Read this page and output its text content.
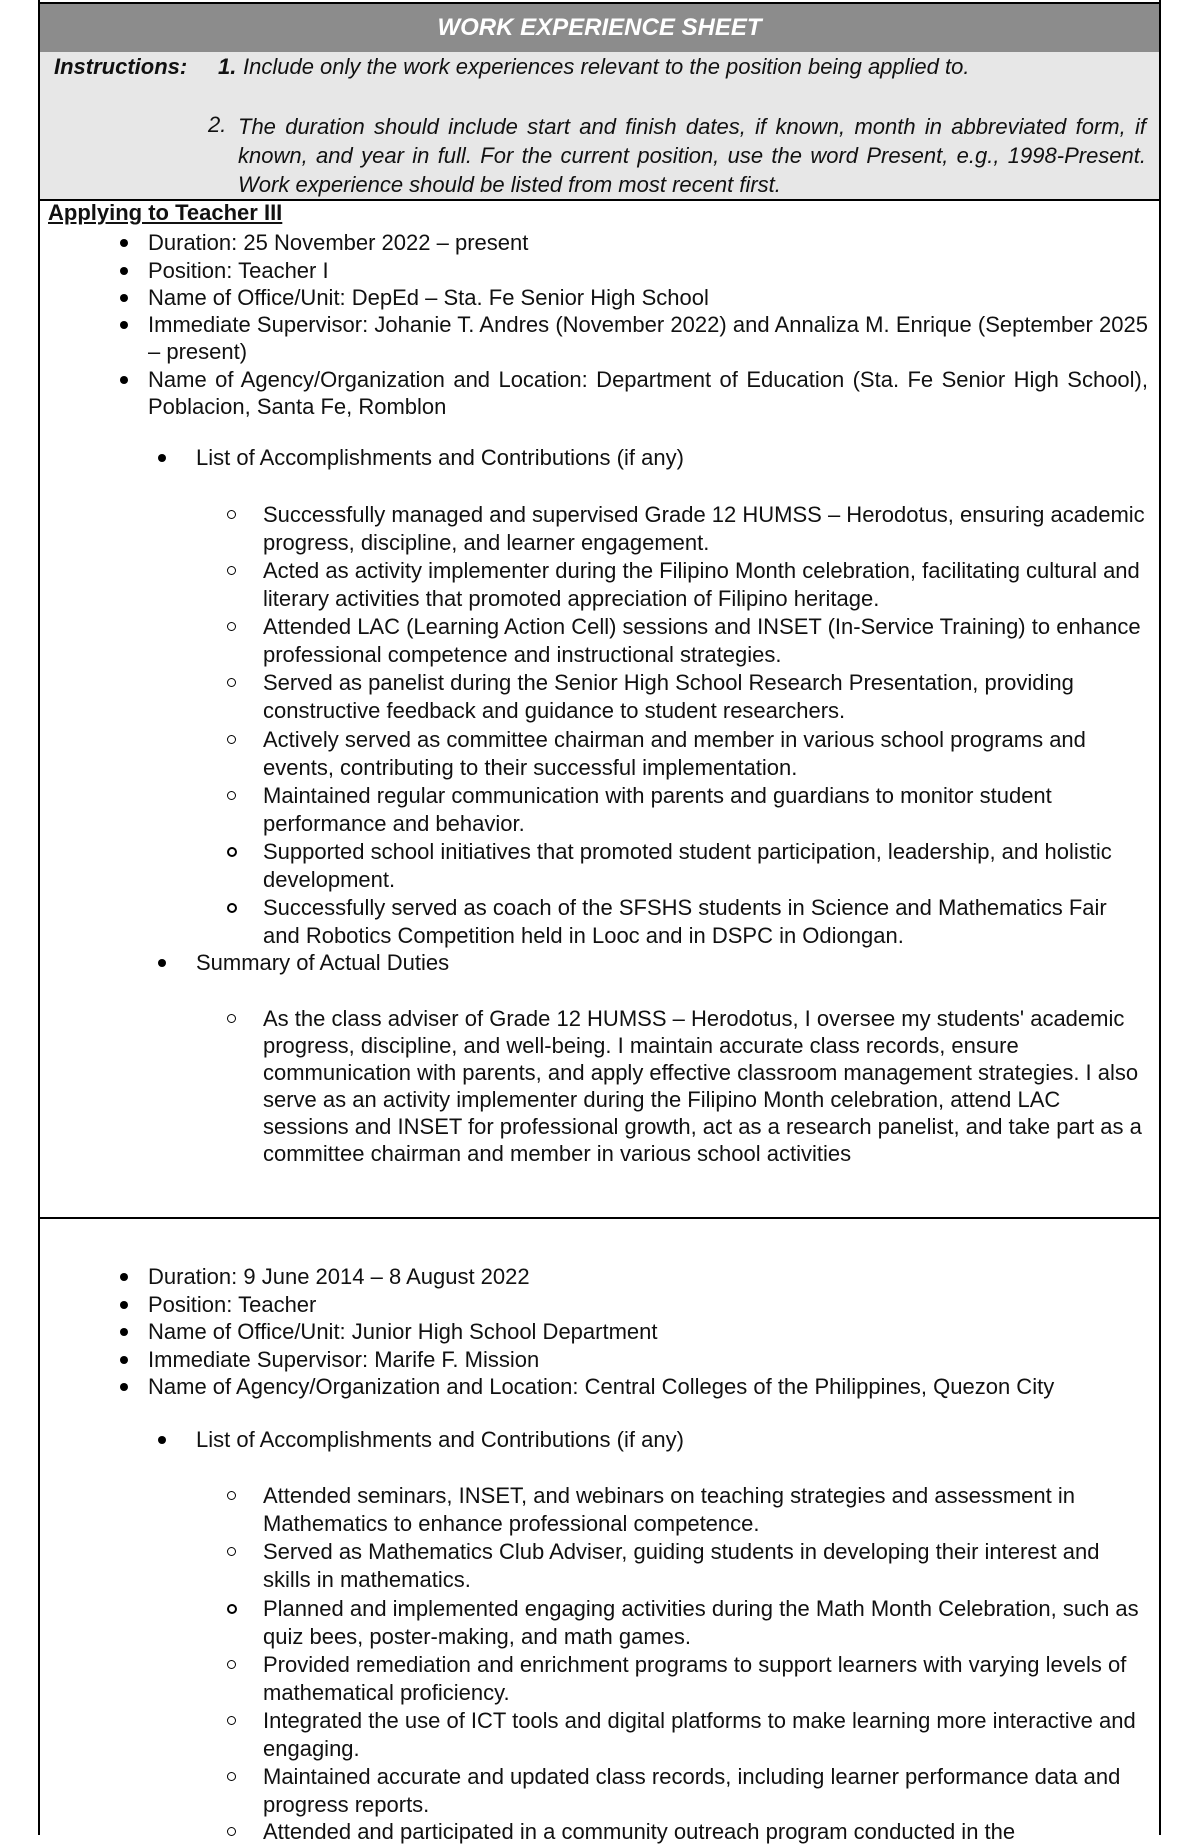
WORK EXPERIENCE SHEET
Instructions: 1. Include only the work experiences relevant to the position being applied to.
2. The duration should include start and finish dates, if known, month in abbreviated form, if known, and year in full. For the current position, use the word Present, e.g., 1998-Present. Work experience should be listed from most recent first.
Applying to Teacher III
Duration: 25 November 2022 – present
Position: Teacher I
Name of Office/Unit: DepEd – Sta. Fe Senior High School
Immediate Supervisor: Johanie T. Andres (November 2022) and Annaliza M. Enrique (September 2025 – present)
Name of Agency/Organization and Location: Department of Education (Sta. Fe Senior High School), Poblacion, Santa Fe, Romblon
List of Accomplishments and Contributions (if any)
Successfully managed and supervised Grade 12 HUMSS – Herodotus, ensuring academic progress, discipline, and learner engagement.
Acted as activity implementer during the Filipino Month celebration, facilitating cultural and literary activities that promoted appreciation of Filipino heritage.
Attended LAC (Learning Action Cell) sessions and INSET (In-Service Training) to enhance professional competence and instructional strategies.
Served as panelist during the Senior High School Research Presentation, providing constructive feedback and guidance to student researchers.
Actively served as committee chairman and member in various school programs and events, contributing to their successful implementation.
Maintained regular communication with parents and guardians to monitor student performance and behavior.
Supported school initiatives that promoted student participation, leadership, and holistic development.
Successfully served as coach of the SFSHS students in Science and Mathematics Fair and Robotics Competition held in Looc and in DSPC in Odiongan.
Summary of Actual Duties
As the class adviser of Grade 12 HUMSS – Herodotus, I oversee my students' academic progress, discipline, and well-being. I maintain accurate class records, ensure communication with parents, and apply effective classroom management strategies. I also serve as an activity implementer during the Filipino Month celebration, attend LAC sessions and INSET for professional growth, act as a research panelist, and take part as a committee chairman and member in various school activities
Duration: 9 June 2014 – 8 August 2022
Position: Teacher
Name of Office/Unit: Junior High School Department
Immediate Supervisor: Marife F. Mission
Name of Agency/Organization and Location: Central Colleges of the Philippines, Quezon City
List of Accomplishments and Contributions (if any)
Attended seminars, INSET, and webinars on teaching strategies and assessment in Mathematics to enhance professional competence.
Served as Mathematics Club Adviser, guiding students in developing their interest and skills in mathematics.
Planned and implemented engaging activities during the Math Month Celebration, such as quiz bees, poster-making, and math games.
Provided remediation and enrichment programs to support learners with varying levels of mathematical proficiency.
Integrated the use of ICT tools and digital platforms to make learning more interactive and engaging.
Maintained accurate and updated class records, including learner performance data and progress reports.
Attended and participated in a community outreach program conducted in the
